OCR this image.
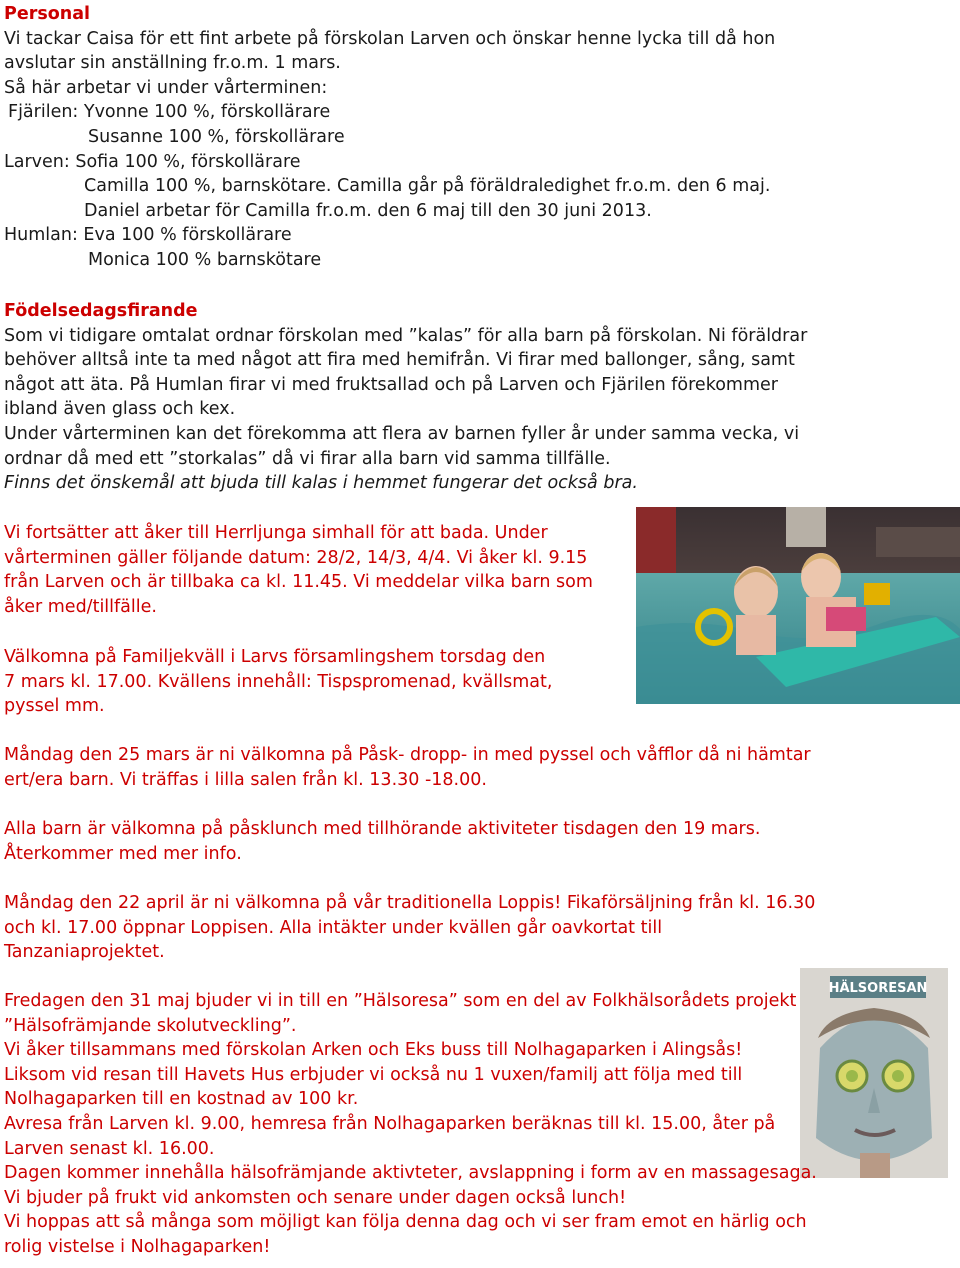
Personal
Vi tackar Caisa för ett fint arbete på förskolan Larven och önskar henne lycka till då hon
avslutar sin anställning fr.o.m. 1 mars.
Så här arbetar vi under vårterminen:
Fjärilen: Yvonne 100 %, förskollärare
Susanne 100 %, förskollärare
Larven: Sofia 100 %, förskollärare
Camilla 100 %, barnskötare. Camilla går på föräldraledighet fr.o.m. den 6 maj.
Daniel arbetar för Camilla fr.o.m. den 6 maj till den 30 juni 2013.
Humlan: Eva 100 % förskollärare
Monica 100 % barnskötare
Födelsedagsfirande
Som vi tidigare omtalat ordnar förskolan med ”kalas” för alla barn på förskolan. Ni föräldrar
behöver alltså inte ta med något att fira med hemifrån. Vi firar med ballonger, sång, samt
något att äta. På Humlan firar vi med fruktsallad och på Larven och Fjärilen förekommer
ibland även glass och kex.
Under vårterminen kan det förekomma att flera av barnen fyller år under samma vecka, vi
ordnar då med ett ”storkalas” då vi firar alla barn vid samma tillfälle.
Finns det önskemål att bjuda till kalas i hemmet fungerar det också bra.
Vi fortsätter att åker till Herrljunga simhall för att bada. Under
vårterminen gäller följande datum: 28/2, 14/3, 4/4. Vi åker kl. 9.15
från Larven och är tillbaka ca kl. 11.45. Vi meddelar vilka barn som
åker med/tillfälle.
Välkomna på Familjekväll i Larvs församlingshem torsdag den
7 mars kl. 17.00. Kvällens innehåll: Tispspromenad, kvällsmat,
pyssel mm.
Måndag den 25 mars är ni välkomna på Påsk- dropp- in med pyssel och våfflor då ni hämtar
ert/era barn. Vi träffas i lilla salen från kl. 13.30 -18.00.
Alla barn är välkomna på påsklunch med tillhörande aktiviteter tisdagen den 19 mars.
Återkommer med mer info.
Måndag den 22 april är ni välkomna på vår traditionella Loppis! Fikaförsäljning från kl. 16.30
och kl. 17.00 öppnar Loppisen. Alla intäkter under kvällen går oavkortat till
Tanzaniaprojektet.
HÄLSORESAN
Fredagen den 31 maj bjuder vi in till en ”Hälsoresa” som en del av Folkhälsorådets projekt
”Hälsofrämjande skolutveckling”.
Vi åker tillsammans med förskolan Arken och Eks buss till Nolhagaparken i Alingsås!
Liksom vid resan till Havets Hus erbjuder vi också nu 1 vuxen/familj att följa med till
Nolhagaparken till en kostnad av 100 kr.
Avresa från Larven kl. 9.00, hemresa från Nolhagaparken beräknas till kl. 15.00, åter på
Larven senast kl. 16.00.
Dagen kommer innehålla hälsofrämjande aktivteter, avslappning i form av en massagesaga.
Vi bjuder på frukt vid ankomsten och senare under dagen också lunch!
Vi hoppas att så många som möjligt kan följa denna dag och vi ser fram emot en härlig och
rolig vistelse i Nolhagaparken!
